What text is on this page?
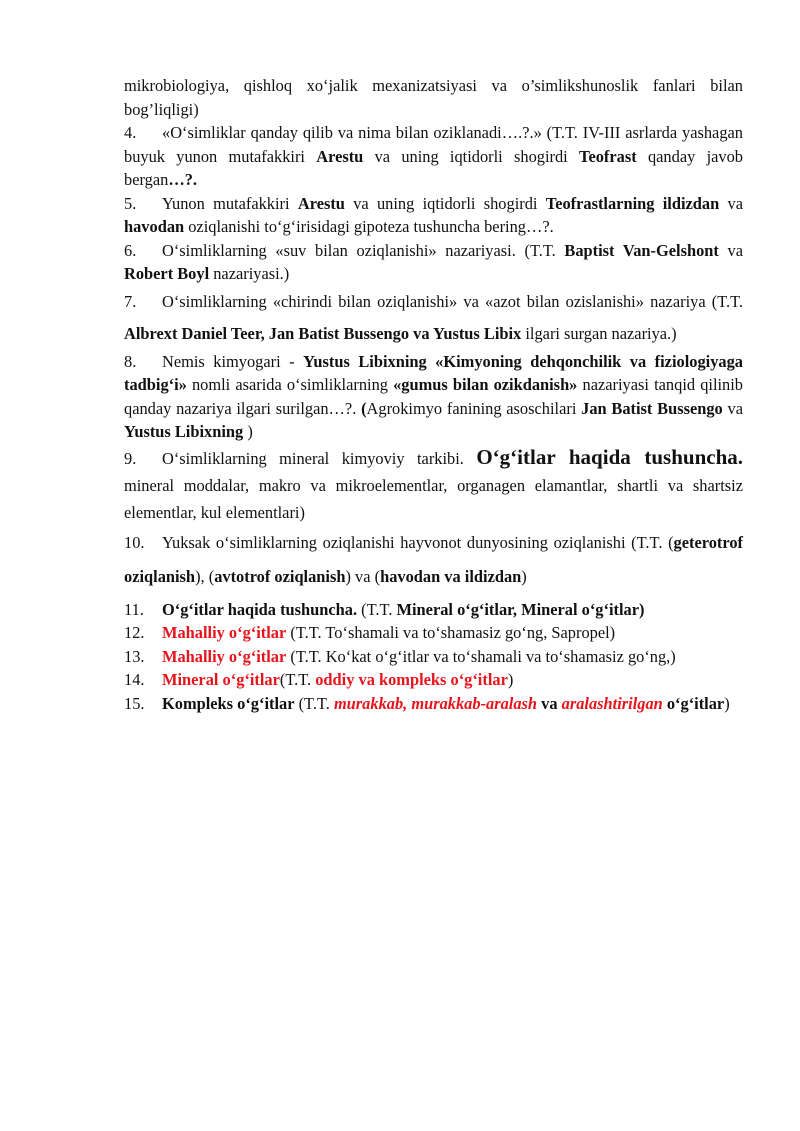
mikrobiologiya, qishloq xo‘jalik mexanizatsiyasi va o’simlikshunoslik fanlari bilan bog’liqligi)

4. «O‘simliklar qanday qilib va nima bilan oziklanadi….?.» (T.T. IV-III asrlarda yashagan buyuk yunon mutafakkiri Arestu va uning iqtidorli shogirdi Teofrast qanday javob bergan…?.

5. Yunon mutafakkiri Arestu va uning iqtidorli shogirdi Teofrastlarning ildizdan va havodan oziqlanishi to‘g‘irisidagi gipoteza tushuncha bering…?.

6. O‘simliklarning «suv bilan oziqlanishi» nazariyasi. (T.T. Baptist Van-Gelshont va Robert Boyl nazariyasi.)

7. O‘simliklarning «chirindi bilan oziqlanishi» va «azot bilan ozislanishi» nazariya (T.T. Albrext Daniel Teer, Jan Batist Bussengo va Yustus Libix ilgari surgan nazariya.)

8. Nemis kimyogari - Yustus Libixning «Kimyoning dehqonchilik va fiziologiyaga tadbig‘i» nomli asarida o‘simliklarning «gumus bilan ozikdanish» nazariyasi tanqid qilinib qanday nazariya ilgari surilgan…?. (Agrokimyo fanining asoschilari Jan Batist Bussengo va Yustus Libixning )

9. O‘simliklarning mineral kimyoviy tarkibi. O‘g‘itlar haqida tushuncha. mineral moddalar, makro va mikroelementlar, organagen elamantlar, shartli va shartsiz elementlar, kul elementlari)

10. Yuksak o‘simliklarning oziqlanishi hayvonot dunyosining oziqlanishi (T.T. (geterotrof oziqlanish), (avtotrof oziqlanish) va (havodan va ildizdan)

11. O‘g‘itlar haqida tushuncha. (T.T. Mineral o‘g‘itlar, Mineral o‘g‘itlar)

12. Mahalliy o‘g‘itlar (T.T. To‘shamali va to‘shamasiz go‘ng, Sapropel)

13. Mahalliy o‘g‘itlar (T.T. Ko‘kat o‘g‘itlar va to‘shamali va to‘shamasiz go‘ng,)

14. Mineral o‘g‘itlar(T.T. oddiy va kompleks o‘g‘itlar)

15. Kompleks o‘g‘itlar (T.T. murakkab, murakkab-aralash va aralashtirilgan o‘g‘itlar)
